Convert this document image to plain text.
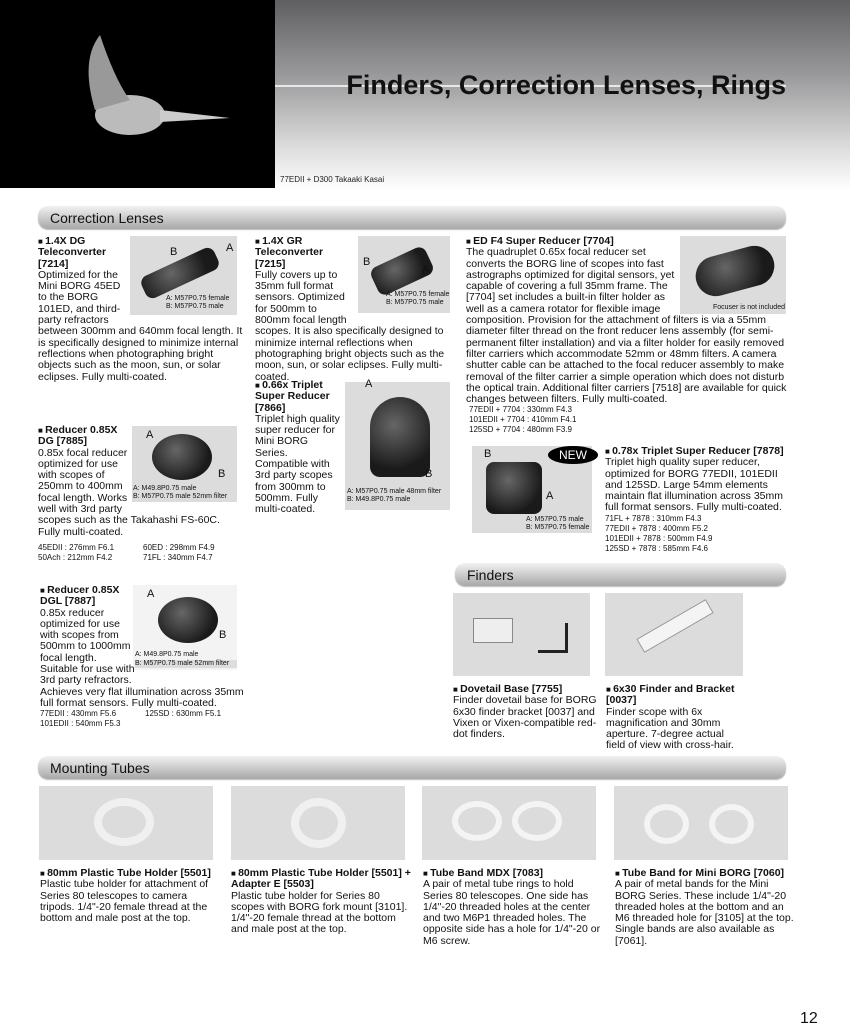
Finders, Correction Lenses, Rings
77EDII + D300 Takaaki Kasai
Correction Lenses
B	A
A: M57P0.75 female
B: M57P0.75 male
■ 1.4X DG Teleconverter [7214]
Optimized for the Mini BORG 45ED to the BORG 101ED, and third-party refractors between 300mm and 640mm focal length. It is specifically designed to minimize internal reflections when photographing bright objects such as the moon, sun, or solar eclipses. Fully multi-coated.
B
A
A: M57P0.75 female
B: M57P0.75 male
■ 1.4X GR Teleconverter [7215]
Fully covers up to 35mm full format sensors. Optimized for 500mm to 800mm focal length scopes. It is also specifically designed to minimize internal reflections when photographing bright objects such as the moon, sun, or solar eclipses. Fully multi-coated.
Focuser is not included
■ ED F4 Super Reducer [7704]
The quadruplet 0.65x focal reducer set converts the BORG line of scopes into fast astrographs optimized for digital sensors, yet capable of covering a full 35mm frame. The [7704] set includes a built-in filter holder as well as a camera rotator for flexible image composition. Provision for the attachment of filters is via a 55mm diameter filter thread on the front reducer lens assembly (for semi-permanent filter installation) and via a filter holder for easily removed filter carriers which accommodate 52mm or 48mm filters. A camera shutter cable can be attached to the focal reducer assembly to make removal of the filter carrier a simple operation which does not disturb the optical train. Additional filter carriers [7518] are available for quick changes between filters. Fully multi-coated.
77EDII + 7704 : 330mm F4.3
101EDII + 7704 : 410mm F4.1
125SD + 7704 : 480mm F3.9
A
B
A: M57P0.75 male 48mm filter
B: M49.8P0.75 male
■ 0.66x Triplet Super Reducer [7866]
Triplet high quality super reducer for Mini BORG Series. Compatible with 3rd party scopes from 300mm to 500mm. Fully multi-coated.
A
B
A: M49.8P0.75 male
B: M57P0.75 male 52mm filter
■ Reducer 0.85X DG [7885]
0.85x focal reducer optimized for use with scopes of 250mm to 400mm focal length. Works well with 3rd party scopes such as the Takahashi FS-60C. Fully multi-coated.
45EDII : 276mm F6.1	60ED : 298mm F4.9
50Ach : 212mm F4.2	71FL : 340mm F4.7
B
A
A: M57P0.75 male
B: M57P0.75 female
NEW	■ 0.78x Triplet Super Reducer [7878]
Triplet high quality super reducer, optimized for BORG 77EDII, 101EDII and 125SD. Large 54mm elements maintain flat illumination across 35mm full format sensors. Fully multi-coated.
71FL + 7878 : 310mm F4.3
77EDII + 7878 : 400mm F5.2
101EDII + 7878 : 500mm F4.9
125SD + 7878 : 585mm F4.6
A
B
A: M49.8P0.75 male
B: M57P0.75 male 52mm filter
■ Reducer 0.85X DGL [7887]
0.85x reducer optimized for use with scopes from 500mm to 1000mm focal length. Suitable for use with 3rd party refractors. Achieves very flat illumination across 35mm full format sensors. Fully multi-coated.
77EDII : 430mm F5.6	125SD : 630mm F5.1
101EDII : 540mm F5.3
Finders
■ Dovetail Base [7755]
Finder dovetail base for BORG 6x30 finder bracket [0037] and Vixen or Vixen-compatible red-dot finders.
■ 6x30 Finder and Bracket [0037]
Finder scope with 6x magnification and 30mm aperture. 7-degree actual field of view with cross-hair.
Mounting Tubes
■ 80mm Plastic Tube Holder [5501]
Plastic tube holder for attachment of Series 80 telescopes to camera tripods. 1/4"-20 female thread at the bottom and male post at the top.
■ 80mm Plastic Tube Holder [5501] + Adapter E [5503]
Plastic tube holder for Series 80 scopes with BORG fork mount [3101]. 1/4"-20 female thread at the bottom and male post at the top.
■ Tube Band MDX [7083]
A pair of metal tube rings to hold Series 80 telescopes. One side has 1/4"-20 threaded holes at the center and two M6P1 threaded holes. The opposite side has a hole for 1/4"-20 or M6 screw.
■ Tube Band for Mini BORG [7060]
A pair of metal bands for the Mini BORG Series. These include 1/4"-20 threaded holes at the bottom and an M6 threaded hole for [3105] at the top. Single bands are also available as [7061].
12
